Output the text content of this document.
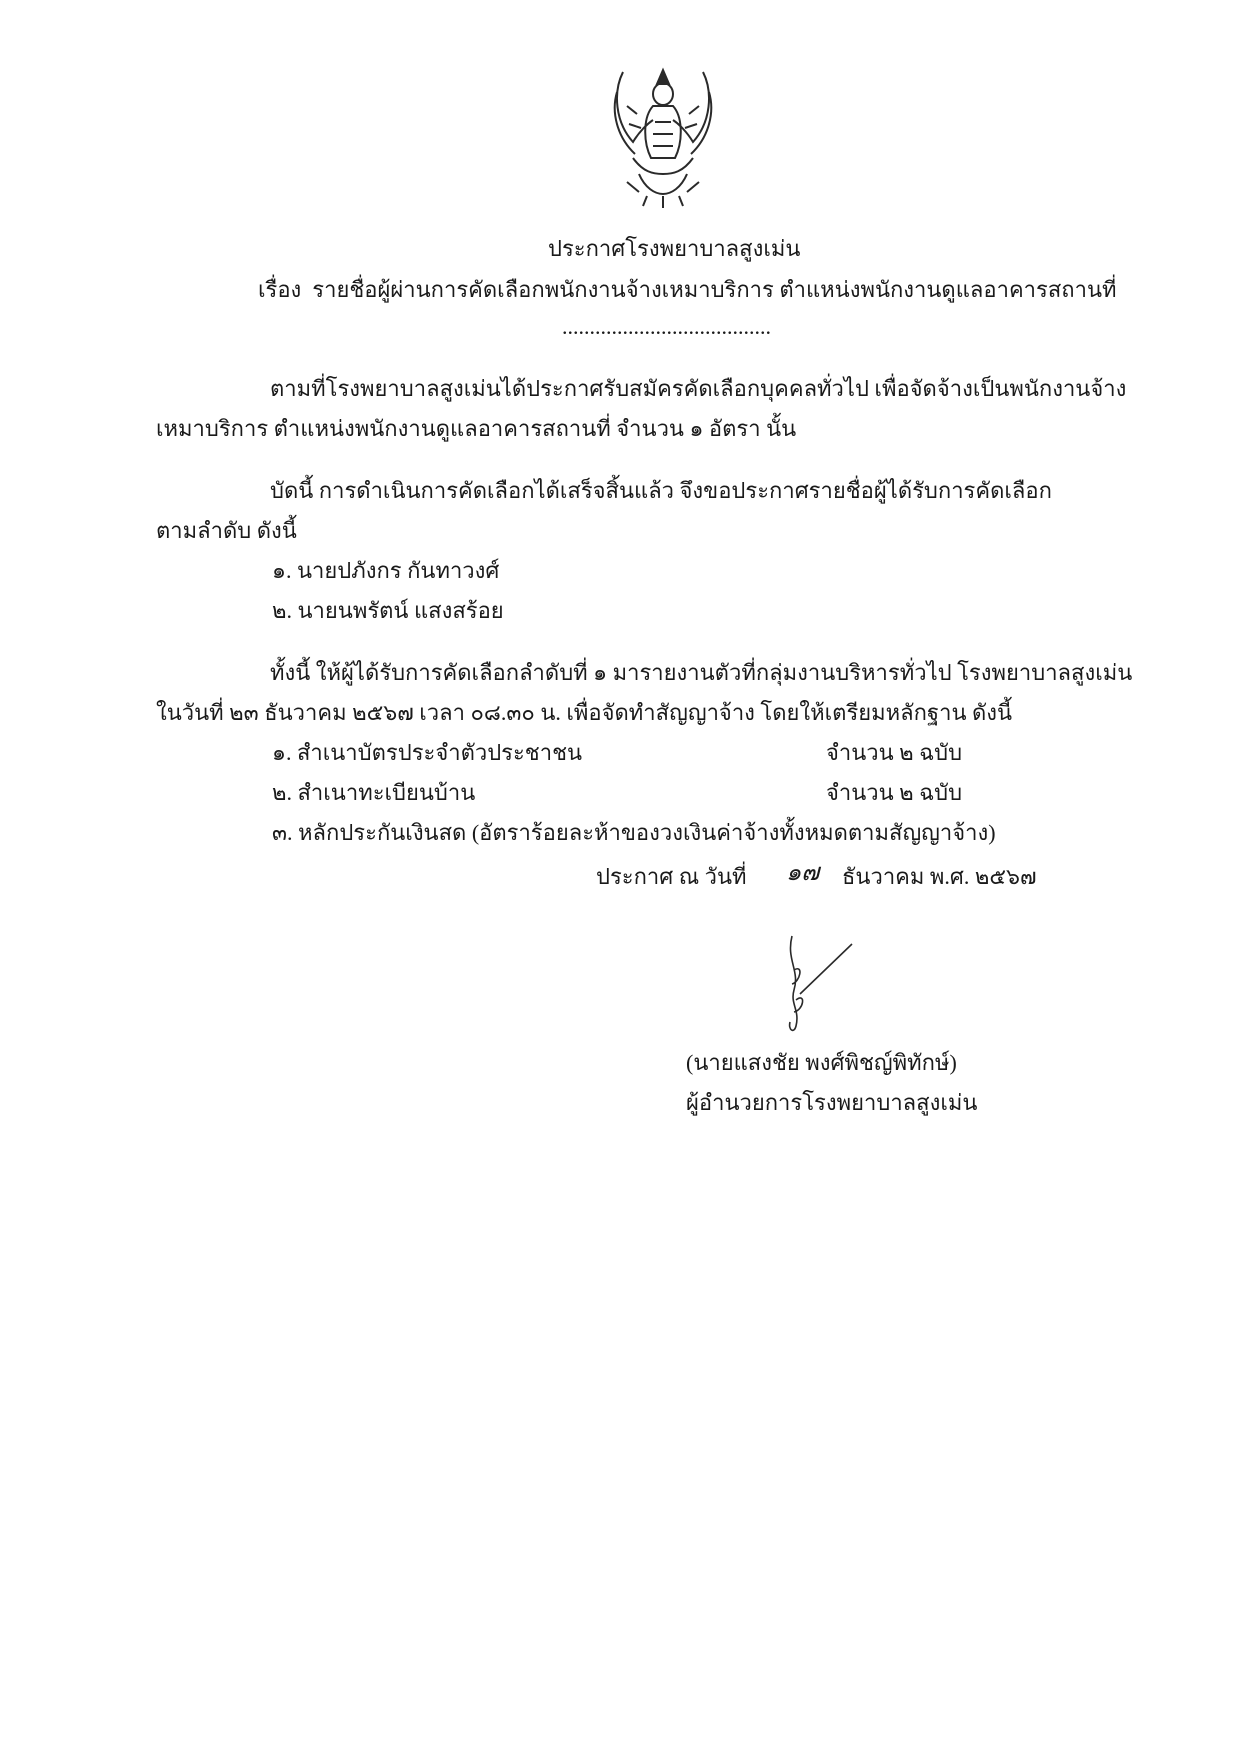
ประกาศโรงพยาบาลสูงเม่น
เรื่อง รายชื่อผู้ผ่านการคัดเลือกพนักงานจ้างเหมาบริการ ตำแหน่งพนักงานดูแลอาคารสถานที่
......................................
ตามที่โรงพยาบาลสูงเม่นได้ประกาศรับสมัครคัดเลือกบุคคลทั่วไป เพื่อจัดจ้างเป็นพนักงานจ้าง
เหมาบริการ ตำแหน่งพนักงานดูแลอาคารสถานที่ จำนวน ๑ อัตรา นั้น
บัดนี้ การดำเนินการคัดเลือกได้เสร็จสิ้นแล้ว จึงขอประกาศรายชื่อผู้ได้รับการคัดเลือก
ตามลำดับ ดังนี้
๑. นายปภังกร กันทาวงศ์
๒. นายนพรัตน์ แสงสร้อย
ทั้งนี้ ให้ผู้ได้รับการคัดเลือกลำดับที่ ๑ มารายงานตัวที่กลุ่มงานบริหารทั่วไป โรงพยาบาลสูงเม่น
ในวันที่ ๒๓ ธันวาคม ๒๕๖๗ เวลา ๐๘.๓๐ น. เพื่อจัดทำสัญญาจ้าง โดยให้เตรียมหลักฐาน ดังนี้
๑. สำเนาบัตรประจำตัวประชาชน	จำนวน ๒ ฉบับ
๒. สำเนาทะเบียนบ้าน	จำนวน ๒ ฉบับ
๓. หลักประกันเงินสด (อัตราร้อยละห้าของวงเงินค่าจ้างทั้งหมดตามสัญญาจ้าง)
ประกาศ ณ วันที่ ๑๗ ธันวาคม พ.ศ. ๒๕๖๗
(นายแสงชัย พงศ์พิชญ์พิทักษ์)
ผู้อำนวยการโรงพยาบาลสูงเม่น
